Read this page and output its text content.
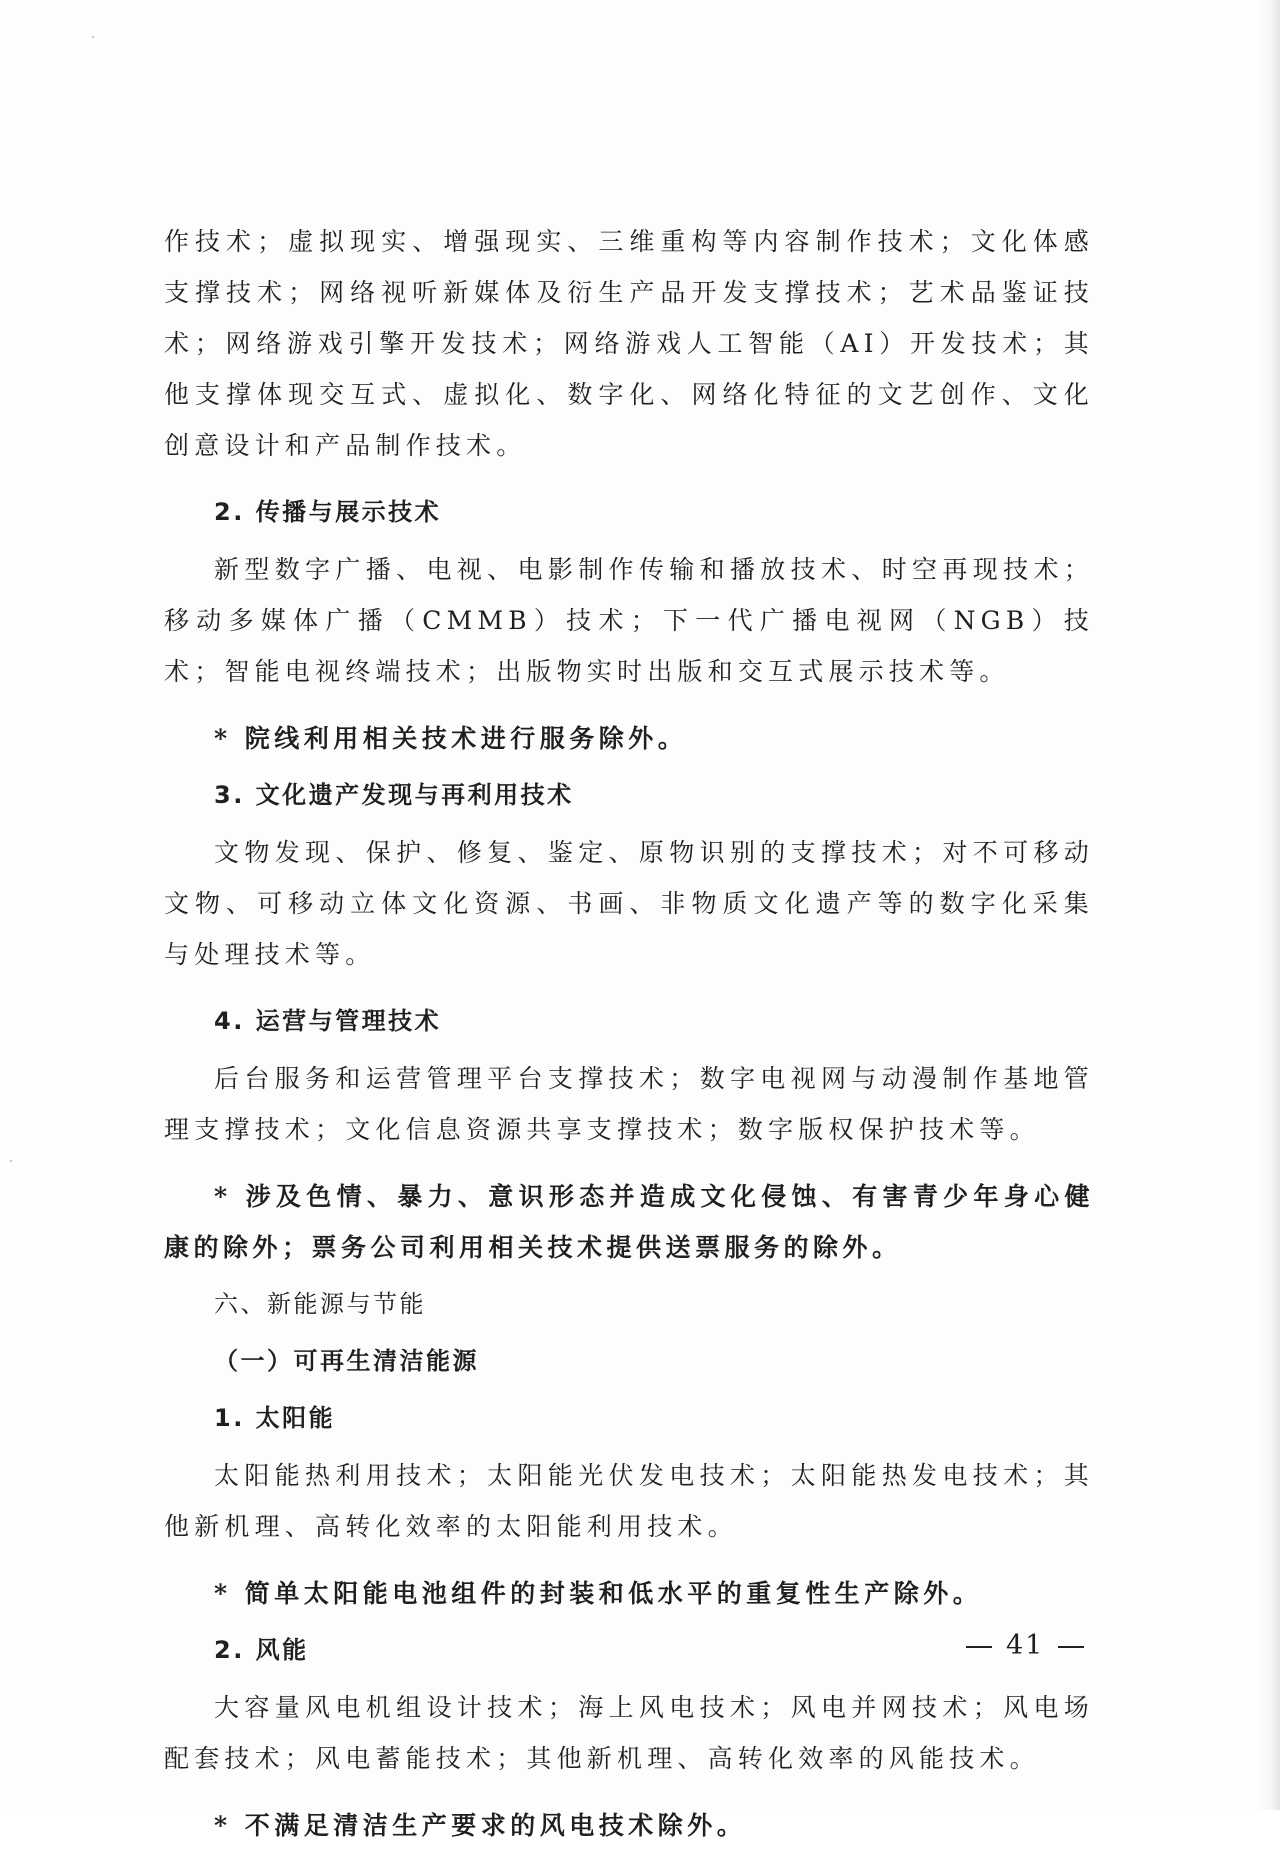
作技术；虚拟现实、增强现实、三维重构等内容制作技术；文化体感支撑技术；网络视听新媒体及衍生产品开发支撑技术；艺术品鉴证技术；网络游戏引擎开发技术；网络游戏人工智能（AI）开发技术；其他支撑体现交互式、虚拟化、数字化、网络化特征的文艺创作、文化创意设计和产品制作技术。

2. 传播与展示技术

新型数字广播、电视、电影制作传输和播放技术、时空再现技术；移动多媒体广播（CMMB）技术；下一代广播电视网（NGB）技术；智能电视终端技术；出版物实时出版和交互式展示技术等。

* 院线利用相关技术进行服务除外。

3. 文化遗产发现与再利用技术

文物发现、保护、修复、鉴定、原物识别的支撑技术；对不可移动文物、可移动立体文化资源、书画、非物质文化遗产等的数字化采集与处理技术等。

4. 运营与管理技术

后台服务和运营管理平台支撑技术；数字电视网与动漫制作基地管理支撑技术；文化信息资源共享支撑技术；数字版权保护技术等。

* 涉及色情、暴力、意识形态并造成文化侵蚀、有害青少年身心健康的除外；票务公司利用相关技术提供送票服务的除外。

六、新能源与节能

（一）可再生清洁能源

1. 太阳能

太阳能热利用技术；太阳能光伏发电技术；太阳能热发电技术；其他新机理、高转化效率的太阳能利用技术。

* 简单太阳能电池组件的封装和低水平的重复性生产除外。

2. 风能

大容量风电机组设计技术；海上风电技术；风电并网技术；风电场配套技术；风电蓄能技术；其他新机理、高转化效率的风能技术。

* 不满足清洁生产要求的风电技术除外。

41
